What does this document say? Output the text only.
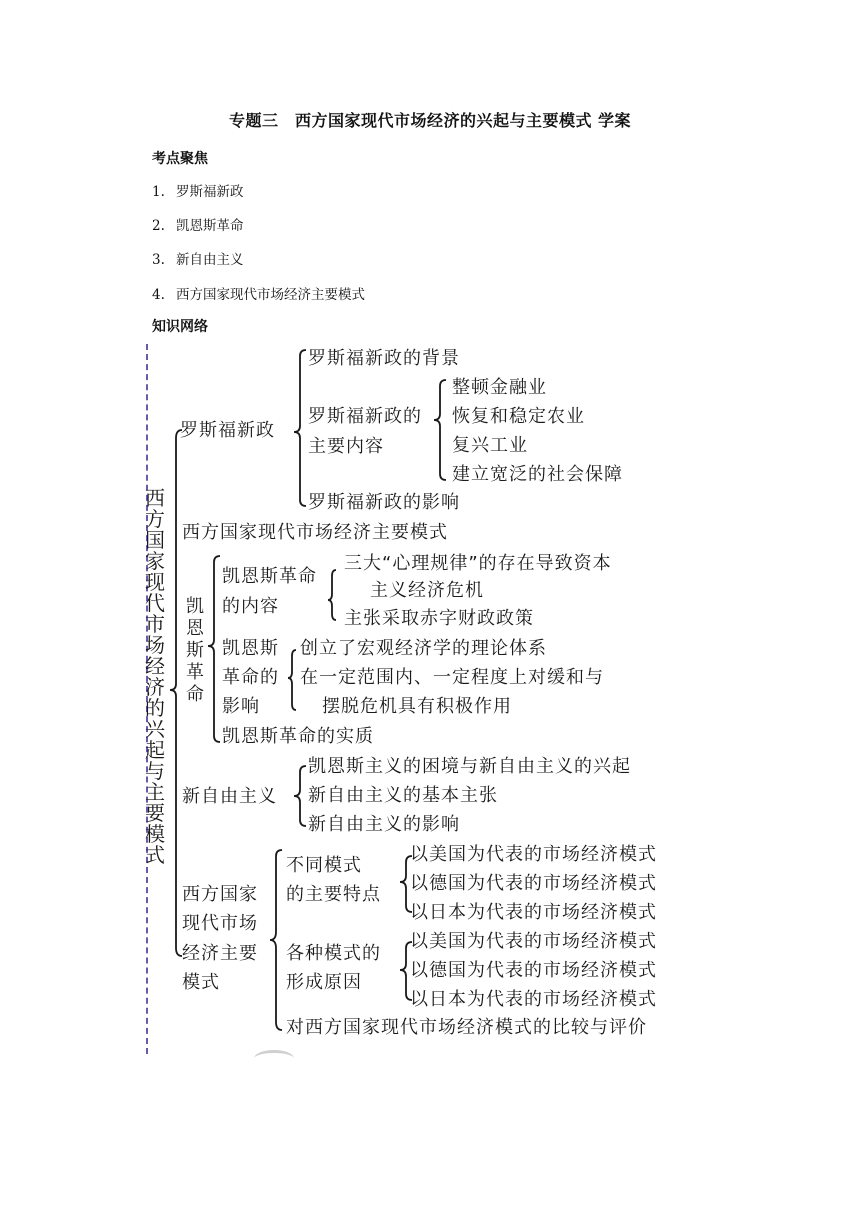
专题三　西方国家现代市场经济的兴起与主要模式 学案
考点聚焦
1. 罗斯福新政
2. 凯恩斯革命
3. 新自由主义
4. 西方国家现代市场经济主要模式
知识网络
西方国家现代市场经济的兴起与主要模式
罗斯福新政
罗斯福新政的背景
罗斯福新政的
主要内容
整顿金融业
恢复和稳定农业
复兴工业
建立宽泛的社会保障
罗斯福新政的影响
西方国家现代市场经济主要模式
凯恩斯革命
凯恩斯革命
的内容
三大“心理规律”的存在导致资本
主义经济危机
主张采取赤字财政政策
凯恩斯
革命的
影响
创立了宏观经济学的理论体系
在一定范围内、一定程度上对缓和与
摆脱危机具有积极作用
凯恩斯革命的实质
新自由主义
凯恩斯主义的困境与新自由主义的兴起
新自由主义的基本主张
新自由主义的影响
西方国家
现代市场
经济主要
模式
不同模式
的主要特点
以美国为代表的市场经济模式
以德国为代表的市场经济模式
以日本为代表的市场经济模式
各种模式的
形成原因
以美国为代表的市场经济模式
以德国为代表的市场经济模式
以日本为代表的市场经济模式
对西方国家现代市场经济模式的比较与评价
